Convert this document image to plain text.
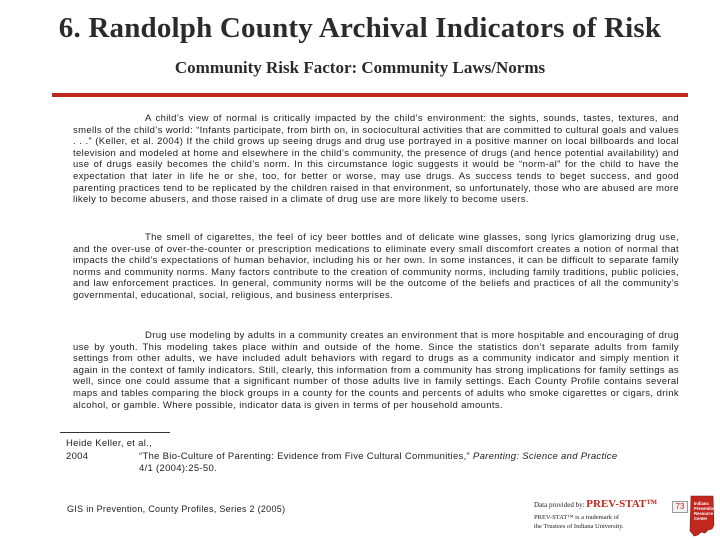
6. Randolph County Archival Indicators of Risk
Community Risk Factor: Community Laws/Norms

A child’s view of normal is critically impacted by the child’s environment: the sights, sounds, tastes, textures, and smells of the child’s world: “Infants participate, from birth on, in sociocultural activities that are committed to cultural goals and values . . .” (Keller, et al. 2004) If the child grows up seeing drugs and drug use portrayed in a positive manner on local billboards and local television and modeled at home and elsewhere in the child’s community, the presence of drugs (and hence potential availability) and use of drugs easily becomes the child’s norm. In this circumstance logic suggests it would be “norm-al” for the child to have the expectation that later in life he or she, too, for better or worse, may use drugs. As success tends to beget success, and good parenting practices tend to be replicated by the children raised in that environment, so unfortunately, those who are abused are more likely to become abusers, and those raised in a climate of drug use are more likely to become users.

The smell of cigarettes, the feel of icy beer bottles and of delicate wine glasses, song lyrics glamorizing drug use, and the over-use of over-the-counter or prescription medications to eliminate every small discomfort creates a notion of normal that impacts the child’s expectations of human behavior, including his or her own. In some instances, it can be difficult to separate family norms and community norms. Many factors contribute to the creation of community norms, including family traditions, public policies, and law enforcement practices. In general, community norms will be the outcome of the beliefs and practices of all the community’s governmental, educational, social, religious, and business enterprises.

Drug use modeling by adults in a community creates an environment that is more hospitable and encouraging of drug use by youth. This modeling takes place within and outside of the home. Since the statistics don’t separate adults from family settings from other adults, we have included adult behaviors with regard to drugs as a community indicator and simply mention it again in the context of family indicators. Still, clearly, this information from a community has strong implications for family settings as well, since one could assume that a significant number of those adults live in family settings. Each County Profile contains several maps and tables comparing the block groups in a county for the counts and percents of adults who smoke cigarettes or cigars, drink alcohol, or gamble. Where possible, indicator data is given in terms of per household amounts.

Heide Keller, et al.,
2004	“The Bio-Culture of Parenting: Evidence from Five Cultural Communities,” Parenting: Science and Practice
4/1 (2004):25-50.
GIS in Prevention, County Profiles, Series 2 (2005)	Data provided by: PREV-STAT™
PREV-STAT™ is a trademark of
the Trustees of Indiana University.
73	Indiana Prevention Resource Center
